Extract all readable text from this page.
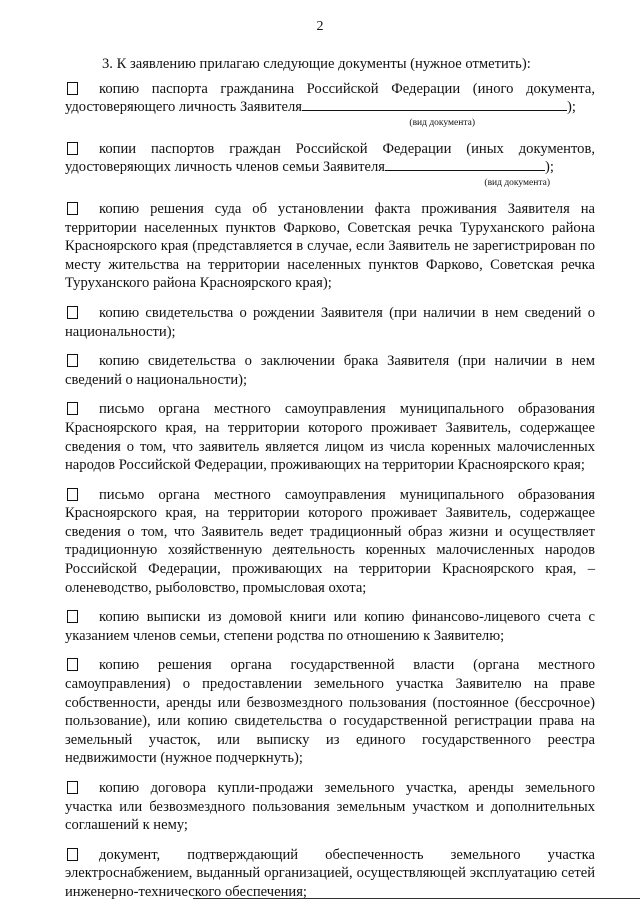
2

3. К заявлению прилагаю следующие документы (нужное отметить):

копию паспорта гражданина Российской Федерации (иного документа, удостоверяющего личность Заявителя	);

(вид документа)

копии паспортов граждан Российской Федерации (иных документов, удостоверяющих личность членов семьи Заявителя	);

(вид документа)

копию решения суда об установлении факта проживания Заявителя на территории населенных пунктов Фарково, Советская речка Туруханского района Красноярского края (представляется в случае, если Заявитель не зарегистрирован по месту жительства на территории населенных пунктов Фарково, Советская речка Туруханского района Красноярского края);

копию свидетельства о рождении Заявителя (при наличии в нем сведений о национальности);

копию свидетельства о заключении брака Заявителя (при наличии в нем сведений о национальности);

письмо органа местного самоуправления муниципального образования Красноярского края, на территории которого проживает Заявитель, содержащее сведения о том, что заявитель является лицом из числа коренных малочисленных народов Российской Федерации, проживающих на территории Красноярского края;

письмо органа местного самоуправления муниципального образования Красноярского края, на территории которого проживает Заявитель, содержащее сведения о том, что Заявитель ведет традиционный образ жизни и осуществляет традиционную хозяйственную деятельность коренных малочисленных народов Российской Федерации, проживающих на территории Красноярского края, – оленеводство, рыболовство, промысловая охота;

копию выписки из домовой книги или копию финансово-лицевого счета с указанием членов семьи, степени родства по отношению к Заявителю;

копию решения органа государственной власти (органа местного самоуправления) о предоставлении земельного участка Заявителю на праве собственности, аренды или безвозмездного пользования (постоянное (бессрочное) пользование), или копию свидетельства о государственной регистрации права на земельный участок, или выписку из единого государственного реестра недвижимости (нужное подчеркнуть);

копию договора купли-продажи земельного участка, аренды земельного участка или безвозмездного пользования земельным участком и дополнительных соглашений к нему;

документ, подтверждающий обеспеченность земельного участка электроснабжением, выданный организацией, осуществляющей эксплуатацию сетей инженерно-технического обеспечения;
